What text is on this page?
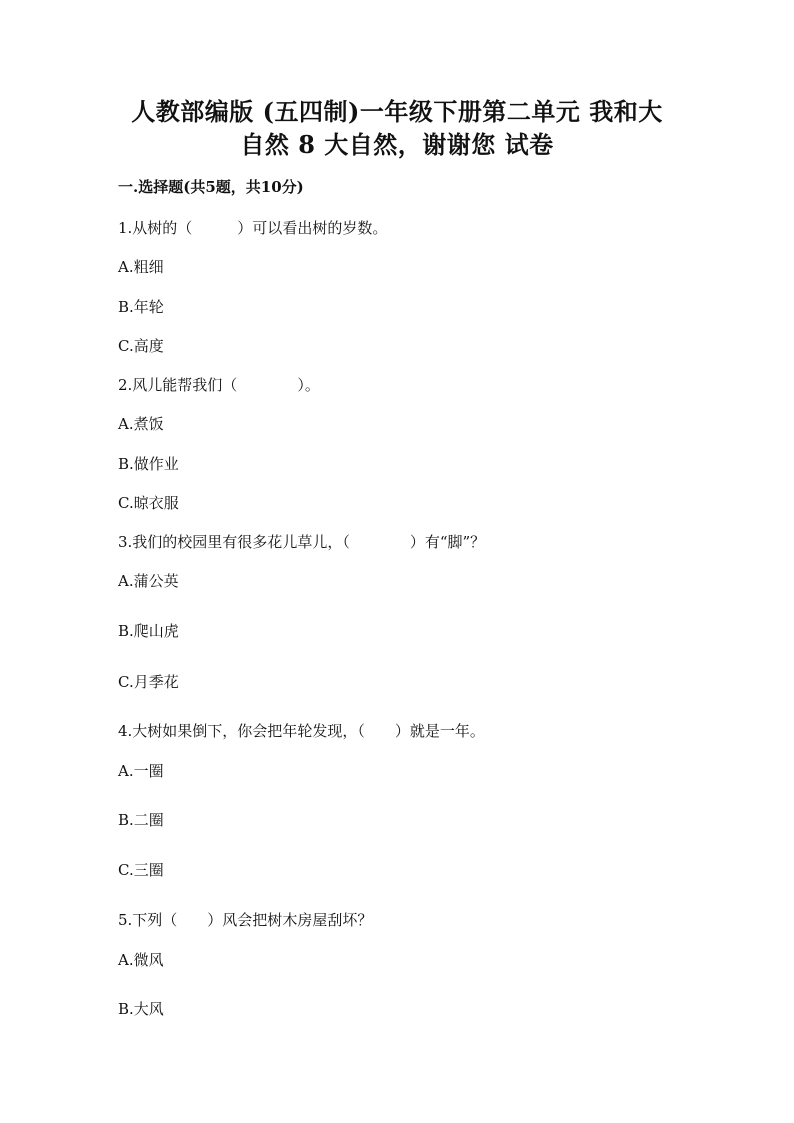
人教部编版 (五四制)一年级下册第二单元 我和大
自然 8 大自然，谢谢您 试卷
一.选择题(共5题，共10分)
1.从树的（　　　）可以看出树的岁数。
A.粗细
B.年轮
C.高度
2.风儿能帮我们（　　　　）。
A.煮饭
B.做作业
C.晾衣服
3.我们的校园里有很多花儿草儿，（　　　　）有“脚”？
A.蒲公英
B.爬山虎
C.月季花
4.大树如果倒下，你会把年轮发现，（　　）就是一年。
A.一圈
B.二圈
C.三圈
5.下列（　　）风会把树木房屋刮坏？
A.微风
B.大风
